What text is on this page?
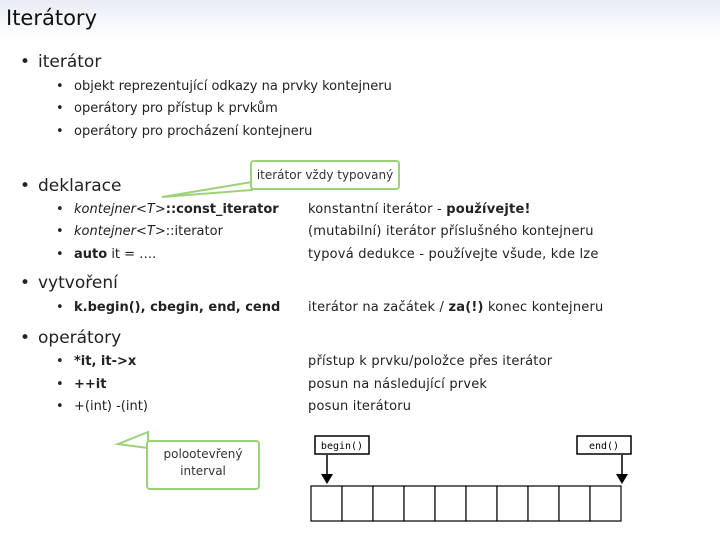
Iterátory
• iterátor
• objekt reprezentující odkazy na prvky kontejneru
• operátory pro přístup k prvkům
• operátory pro procházení kontejneru
iterátor vždy typovaný
• deklarace
• kontejner<T>::const_iterator
• kontejner<T>::iterator
• auto it = ….
konstantní iterátor - používejte!
(mutabilní) iterátor příslušného kontejneru
typová dedukce - používejte všude, kde lze
• vytvoření
• k.begin(), cbegin, end, cend iterátor na začátek / za(!) konec kontejneru
• operátory
• *it, it->x
• ++it
• +(int) -(int)
přístup k prvku/položce přes iterátor
posun na následující prvek
posun iterátoru
polootevřený
interval
begin()	end()
